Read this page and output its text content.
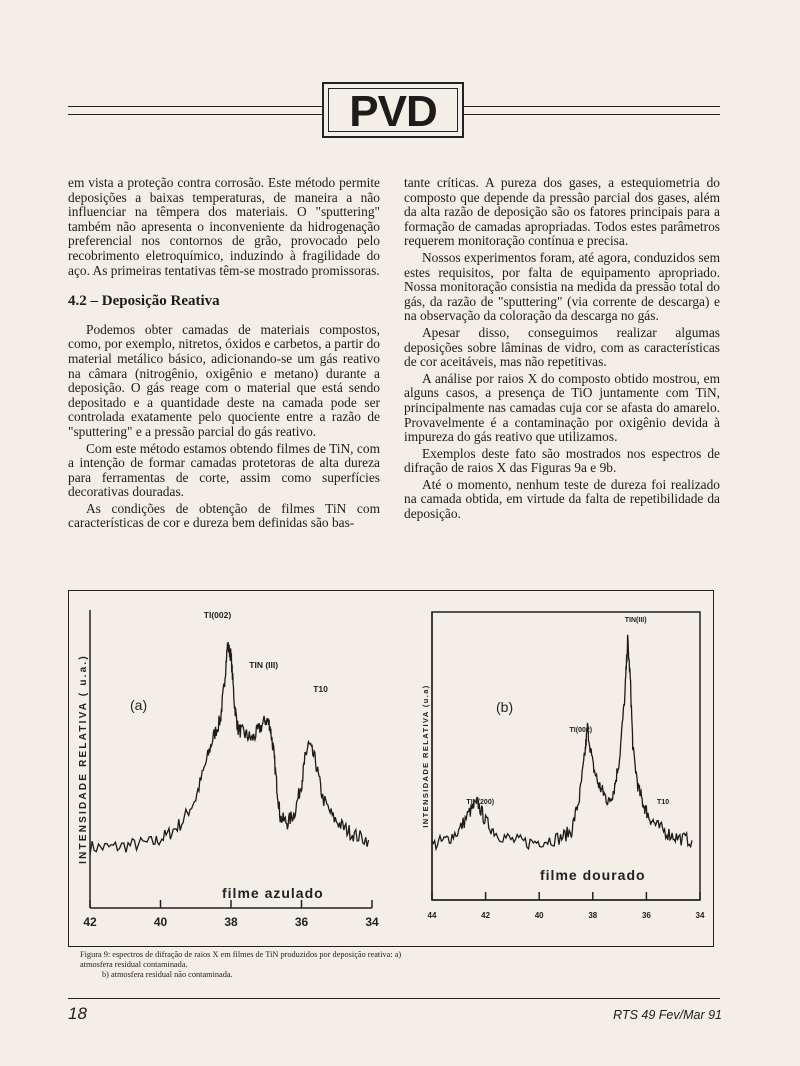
PVD

em vista a proteção contra corrosão. Este método permite deposições a baixas temperaturas, de maneira a não influenciar na têmpera dos materiais. O "sputtering" também não apresenta o inconveniente da hidrogenação preferencial nos contornos de grão, provocado pelo recobrimento eletroquímico, induzindo à fragilidade do aço. As primeiras tentativas têm-se mostrado promissoras.

4.2 – Deposição Reativa

Podemos obter camadas de materiais compostos, como, por exemplo, nitretos, óxidos e carbetos, a partir do material metálico básico, adicionando-se um gás reativo na câmara (nitrogênio, oxigênio e metano) durante a deposição. O gás reage com o material que está sendo depositado e a quantidade deste na camada pode ser controlada exatamente pelo quociente entre a razão de "sputtering" e a pressão parcial do gás reativo.

Com este método estamos obtendo filmes de TiN, com a intenção de formar camadas protetoras de alta dureza para ferramentas de corte, assim como superfícies decorativas douradas.

As condições de obtenção de filmes TiN com características de cor e dureza bem definidas são bas-

tante críticas. A pureza dos gases, a estequiometria do composto que depende da pressão parcial dos gases, além da alta razão de deposição são os fatores principais para a formação de camadas apropriadas. Todos estes parâmetros requerem monitoração contínua e precisa.

Nossos experimentos foram, até agora, conduzidos sem estes requisitos, por falta de equipamento apropriado. Nossa monitoração consistia na medida da pressão total do gás, da razão de "sputtering" (via corrente de descarga) e na observação da coloração da descarga no gás.

Apesar disso, conseguimos realizar algumas deposições sobre lâminas de vidro, com as características de cor aceitáveis, mas não repetitivas.

A análise por raios X do composto obtido mostrou, em alguns casos, a presença de TiO juntamente com TiN, principalmente nas camadas cuja cor se afasta do amarelo. Provavelmente é a contaminação por oxigênio devida à impureza do gás reativo que utilizamos.

Exemplos deste fato são mostrados nos espectros de difração de raios X das Figuras 9a e 9b.

Até o momento, nenhum teste de dureza foi realizado na camada obtida, em virtude da falta de repetibilidade da deposição.

42	40	38	36	34
TI(002)
TIN (III)
T10
(a)
filme azulado
INTENSIDADE RELATIVA ( u.a.)
44	42	40	38	36	34
TIN(III)
TI(002)
TIN(200)	T10
(b)
filme dourado
INTENSIDADE RELATIVA (u.a)
Figura 9: espectros de difração de raios X em filmes de TiN produzidos por deposição reativa: a) atmosfera residual contaminada.
b) atmosfera residual não contaminada.
18	RTS 49 Fev/Mar 91
